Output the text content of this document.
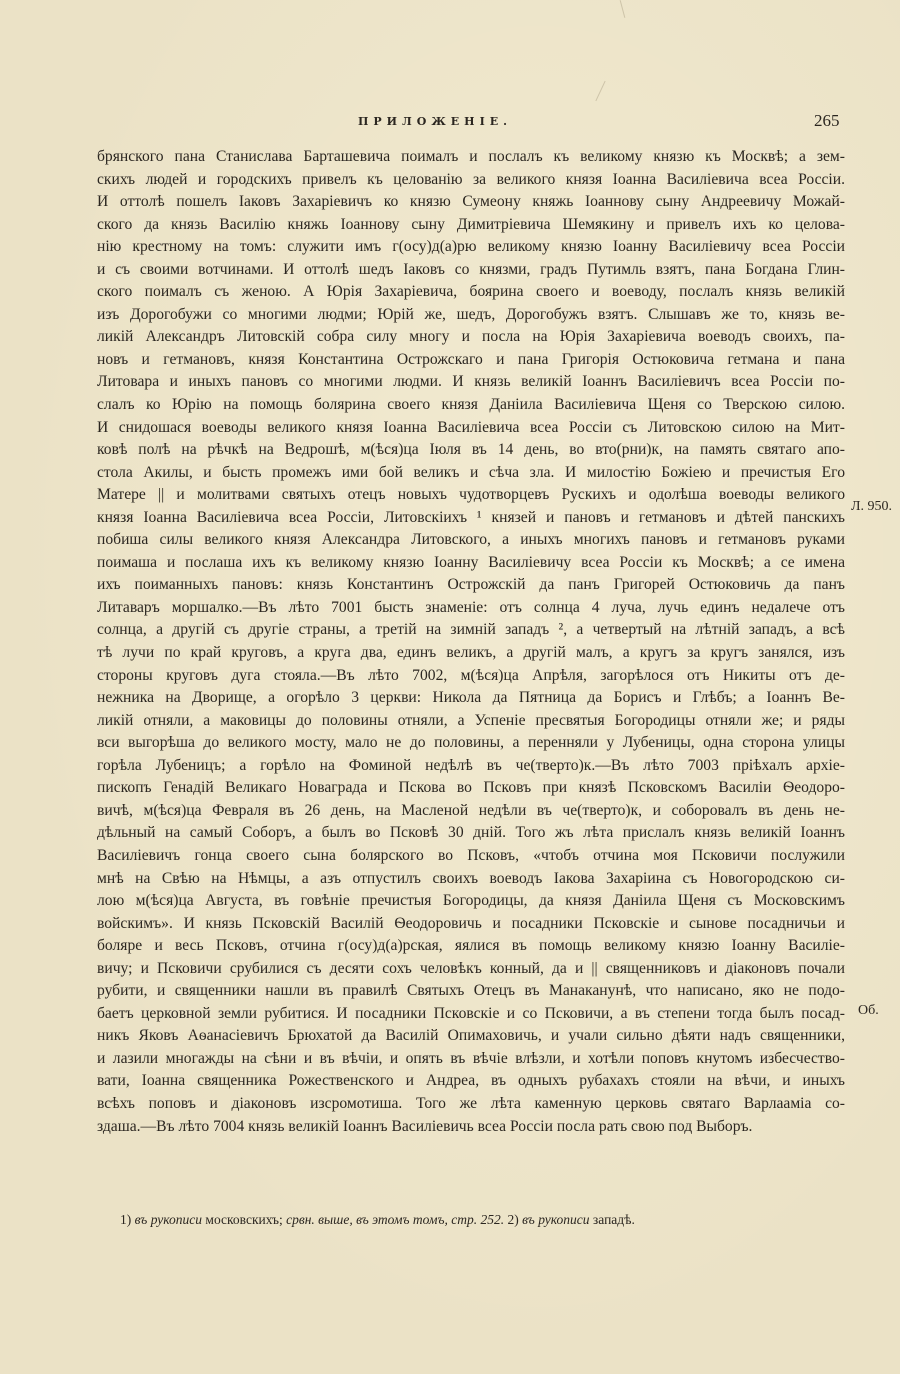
ПРИЛОЖЕНІЕ.	265
брянского пана Станислава Барташевича поималъ и послалъ къ великому князю къ Москвѣ; а зем-
скихъ людей и городскихъ привелъ къ целованію за великого князя Іоанна Василіевича всеа Россіи.
И оттолѣ пошелъ Іаковъ Захаріевичъ ко князю Сумеону княжь Іоаннову сыну Андреевичу Можай-
ского да князь Василію княжь Іоаннову сыну Димитріевича Шемякину и привелъ ихъ ко целова-
нію крестному на томъ: служити имъ г(осу)д(а)рю великому князю Іоанну Василіевичу всеа Россіи
и съ своими вотчинами. И оттолѣ шедъ Іаковъ со князми, градъ Путимль взятъ, пана Богдана Глин-
ского поималъ съ женою. А Юрія Захаріевича, боярина своего и воеводу, послалъ князь великій
изъ Дорогобужи со многими людми; Юрій же, шедъ, Дорогобужъ взятъ. Слышавъ же то, князь ве-
ликій Александръ Литовскій собра силу многу и посла на Юрія Захаріевича воеводъ своихъ, па-
новъ и гетмановъ, князя Константина Острожскаго и пана Григорія Остюковича гетмана и пана
Литовара и иныхъ пановъ со многими людми. И князь великій Іоаннъ Василіевичъ всеа Россіи по-
слалъ ко Юрію на помощь болярина своего князя Даніила Василіевича Щеня со Тверскою силою.
И снидошася воеводы великого князя Іоанна Василіевича всеа Россіи съ Литовскою силою на Мит-
ковѣ полѣ на рѣчкѣ на Ведрошѣ, м(ѣся)ца Іюля въ 14 день, во вто(рни)к, на память святаго апо-
стола Акилы, и бысть промежъ ими бой великъ и сѣча зла. И милостію Божіею и пречистыя Его
Матере || и молитвами святыхъ отецъ новыхъ чудотворцевъ Рускихъ и одолѣша воеводы великого
князя Іоанна Василіевича всеа Россіи, Литовскіихъ ¹ князей и пановъ и гетмановъ и дѣтей панскихъ
побиша силы великого князя Александра Литовского, а иныхъ многихъ пановъ и гетмановъ руками
поимаша и послаша ихъ къ великому князю Іоанну Василіевичу всеа Россіи къ Москвѣ; а се имена
ихъ поиманныхъ пановъ: князь Константинъ Острожскій да панъ Григорей Остюковичь да панъ
Литаваръ моршалко.—Въ лѣто 7001 бысть знаменіе: отъ солнца 4 луча, лучь единъ недалече отъ
солнца, а другій съ другіе страны, а третій на зимній западъ ², а четвертый на лѣтній западъ, а всѣ
тѣ лучи по край круговъ, а круга два, единъ великъ, а другій малъ, а кругъ за кругъ занялся, изъ
стороны круговъ дуга стояла.—Въ лѣто 7002, м(ѣся)ца Апрѣля, загорѣлося отъ Никиты отъ де-
нежника на Дворище, а огорѣло 3 церкви: Никола да Пятница да Борисъ и Глѣбъ; а Іоаннъ Ве-
ликій отняли, а маковицы до половины отняли, а Успеніе пресвятыя Богородицы отняли же; и ряды
вси выгорѣша до великого мосту, мало не до половины, а перенняли у Лубеницы, одна сторона улицы
горѣла Лубеницъ; а горѣло на Фоминой недѣлѣ въ че(тверто)к.—Въ лѣто 7003 пріѣхалъ архіе-
пископъ Генадій Великаго Новаграда и Пскова во Псковъ при князѣ Псковскомъ Василіи Ѳеодоро-
вичѣ, м(ѣся)ца Февраля въ 26 день, на Масленой недѣли въ че(тверто)к, и соборовалъ въ день не-
дѣльный на самый Соборъ, а былъ во Псковѣ 30 дній. Того жъ лѣта прислалъ князь великій Іоаннъ
Василіевичъ гонца своего сына болярского во Псковъ, «чтобъ отчина моя Псковичи послужили
мнѣ на Свѣю на Нѣмцы, а азъ отпустилъ своихъ воеводъ Іакова Захаріина съ Новогородскою си-
лою м(ѣся)ца Августа, въ говѣніе пречистыя Богородицы, да князя Даніила Щеня съ Московскимъ
войскимъ». И князь Псковскій Василій Ѳеодоровичь и посадники Псковскіе и сынове посадничьи и
боляре и весь Псковъ, отчина г(осу)д(а)рская, яялися въ помощь великому князю Іоанну Василіе-
вичу; и Псковичи срубилися съ десяти сохъ человѣкъ конный, да и || священниковъ и діаконовъ почали
рубити, и священники нашли въ правилѣ Святыхъ Отецъ въ Манаканунѣ, что написано, яко не подо-
баетъ церковной земли рубитися. И посадники Псковскіе и со Псковичи, а въ степени тогда былъ посад-
никъ Яковъ Аѳанасіевичъ Брюхатой да Василій Опимаховичь, и учали сильно дѣяти надъ священники,
и лазили многажды на сѣни и въ вѣчіи, и опять въ вѣчіе влѣзли, и хотѣли поповъ кнутомъ избесчество-
вати, Іоанна священника Рожественского и Андреа, въ одныхъ рубахахъ стояли на вѣчи, и иныхъ
всѣхъ поповъ и діаконовъ изсромотиша. Того же лѣта каменную церковь святаго Варлааміа со-
здаша.—Въ лѣто 7004 князь великій Іоаннъ Василіевичь всеа Россіи посла рать свою под Выборъ.
Л. 950.
Об.
1) въ рукописи московскихъ; срвн. выше, въ этомъ томъ, стр. 252. 2) въ рукописи западѣ.
